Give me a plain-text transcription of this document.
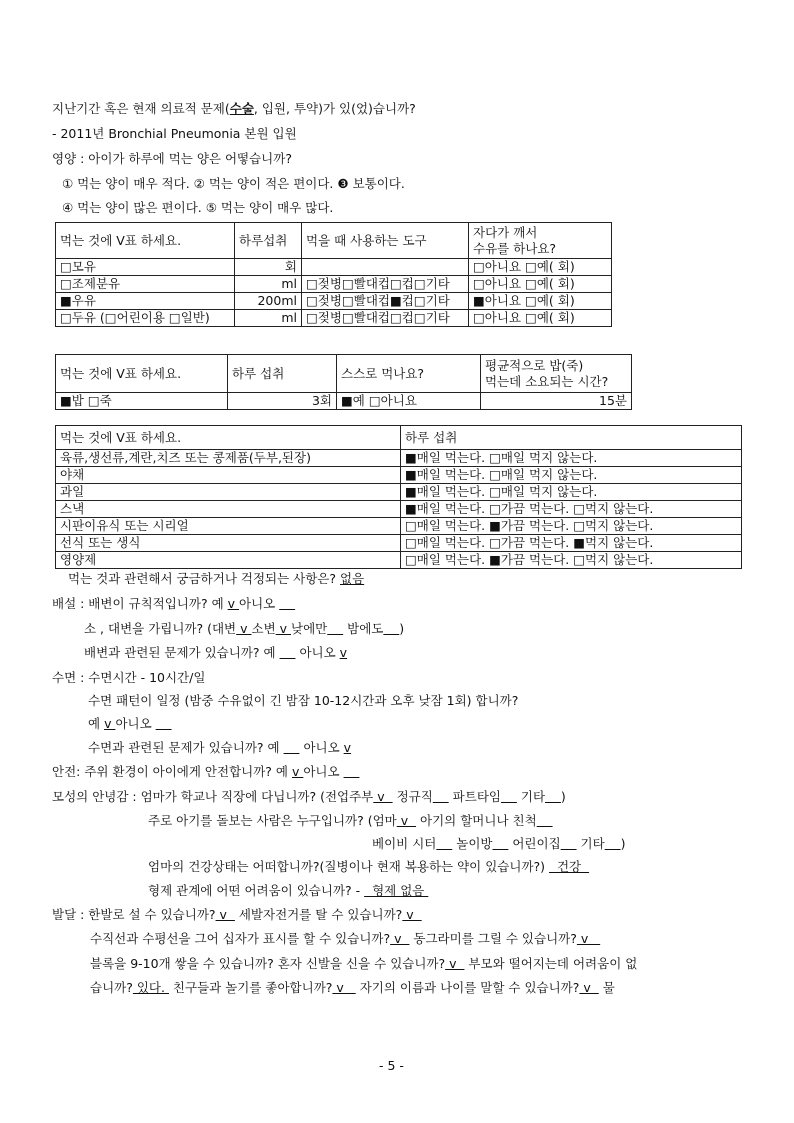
지난기간 혹은 현재 의료적 문제(수술, 입원, 투약)가 있(었)습니까?
- 2011년 Bronchial Pneumonia 본원 입원
영양 : 아이가 하루에 먹는 양은 어떻습니까?
① 먹는 양이 매우 적다. ② 먹는 양이 적은 편이다. ❸ 보통이다.
④ 먹는 양이 많은 편이다. ⑤ 먹는 양이 매우 많다.
먹는 것에 V표 하세요.	하루섭취	먹을 때 사용하는 도구	자다가 깨서
수유를 하나요?

□모유	회		□아니요 □예( 회)
□조제분유	ml	□젖병□빨대컵□컵□기타	□아니요 □예( 회)
■우유	200ml	□젖병□빨대컵■컵□기타	■아니요 □예( 회)
□두유 (□어린이용 □일반)	ml	□젖병□빨대컵□컵□기타	□아니요 □예( 회)
먹는 것에 V표 하세요.	하루 섭취	스스로 먹나요?	평균적으로 밥(죽)
먹는데 소요되는 시간?

■밥 □죽	3회	■예 □아니요	15분
먹는 것에 V표 하세요.	하루 섭취
육류,생선류,계란,치즈 또는 콩제품(두부,된장)	■매일 먹는다. □매일 먹지 않는다.
야채	■매일 먹는다. □매일 먹지 않는다.
과일	■매일 먹는다. □매일 먹지 않는다.
스낵	■매일 먹는다. □가끔 먹는다. □먹지 않는다.
시판이유식 또는 시리얼	□매일 먹는다. ■가끔 먹는다. □먹지 않는다.
선식 또는 생식	□매일 먹는다. □가끔 먹는다. ■먹지 않는다.
영양제	□매일 먹는다. ■가끔 먹는다. □먹지 않는다.
먹는 것과 관련해서 궁금하거나 걱정되는 사항은? 없음
배설 : 배변이 규칙적입니까? 예 v 아니오
소 , 대변을 가립니까? (대변 v 소변 v 낮에만     밤에도 )
배변과 관련된 문제가 있습니까? 예      아니오 v
수면 : 수면시간 - 10시간/일
수면 패턴이 일정 (밤중 수유없이 긴 밤잠 10-12시간과 오후 낮잠 1회) 합니까?
예 v 아니오
수면과 관련된 문제가 있습니까? 예      아니오 v
안전: 주위 환경이 아이에게 안전합니까? 예 v 아니오
모성의 안녕감 : 엄마가 학교나 직장에 다닙니까? (전업주부 v   정규직     파트타임     기타 )
주로 아기를 돌보는 사람은 누구입니까? (엄마 v   아기의 할머니나 친척
베이비 시터     놀이방     어린이집     기타 )
엄마의 건강상태는 어떠합니까?(질병이나 현재 복용하는 약이 있습니까?)   건강
형제 관계에 어떤 어려움이 있습니까? -   형제 없음
발달 : 한발로 설 수 있습니까? v   세발자전거를 탈 수 있습니까? v
수직선과 수평선을 그어 십자가 표시를 할 수 있습니까? v   동그라미를 그릴 수 있습니까? v
블록을 9-10개 쌓을 수 있습니까? 혼자 신발을 신을 수 있습니까? v   부모와 떨어지는데 어려움이 없
습니까? 있다.  친구들과 놀기를 좋아합니까? v    자기의 이름과 나이를 말할 수 있습니까? v   물
- 5 -
